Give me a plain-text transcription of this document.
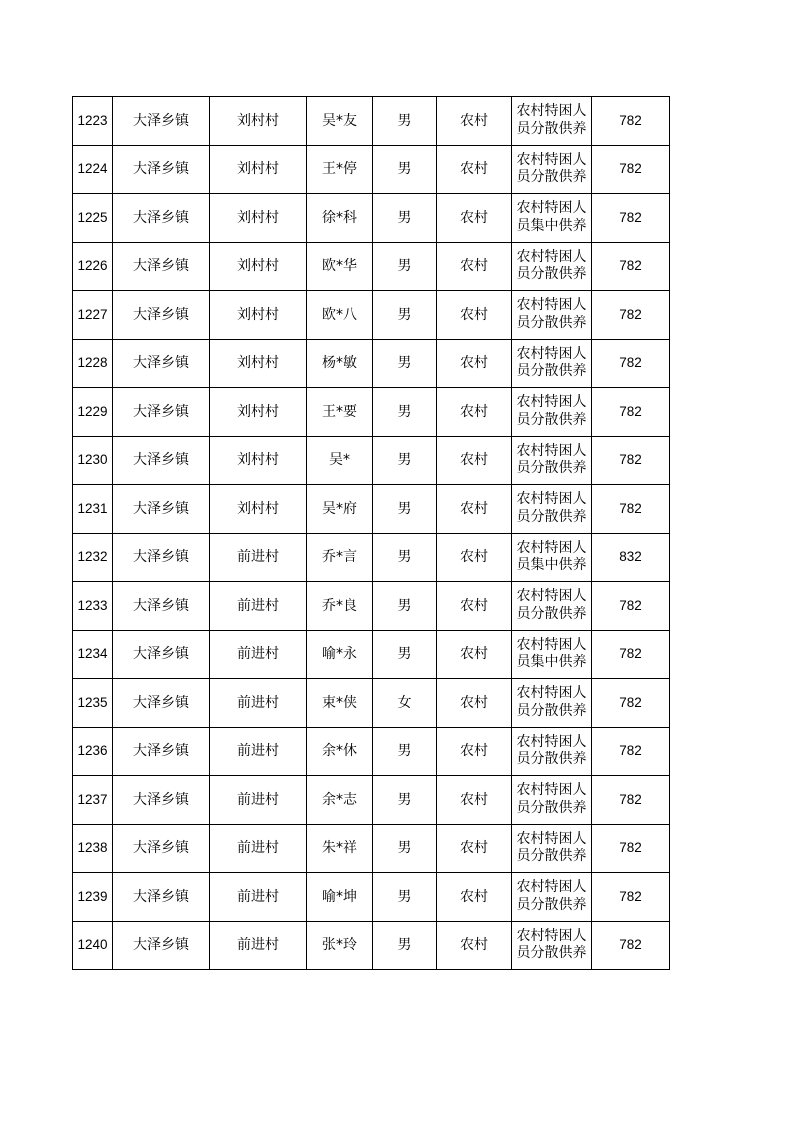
1223	大泽乡镇	刘村村	吴*友	男	农村	农村特困人员分散供养	782
1224	大泽乡镇	刘村村	王*停	男	农村	农村特困人员分散供养	782
1225	大泽乡镇	刘村村	徐*科	男	农村	农村特困人员集中供养	782
1226	大泽乡镇	刘村村	欧*华	男	农村	农村特困人员分散供养	782
1227	大泽乡镇	刘村村	欧*八	男	农村	农村特困人员分散供养	782
1228	大泽乡镇	刘村村	杨*敏	男	农村	农村特困人员分散供养	782
1229	大泽乡镇	刘村村	王*要	男	农村	农村特困人员分散供养	782
1230	大泽乡镇	刘村村	吴*	男	农村	农村特困人员分散供养	782
1231	大泽乡镇	刘村村	吴*府	男	农村	农村特困人员分散供养	782
1232	大泽乡镇	前进村	乔*言	男	农村	农村特困人员集中供养	832
1233	大泽乡镇	前进村	乔*良	男	农村	农村特困人员分散供养	782
1234	大泽乡镇	前进村	喻*永	男	农村	农村特困人员集中供养	782
1235	大泽乡镇	前进村	束*侠	女	农村	农村特困人员分散供养	782
1236	大泽乡镇	前进村	余*休	男	农村	农村特困人员分散供养	782
1237	大泽乡镇	前进村	余*志	男	农村	农村特困人员分散供养	782
1238	大泽乡镇	前进村	朱*祥	男	农村	农村特困人员分散供养	782
1239	大泽乡镇	前进村	喻*坤	男	农村	农村特困人员分散供养	782
1240	大泽乡镇	前进村	张*玲	男	农村	农村特困人员分散供养	782
